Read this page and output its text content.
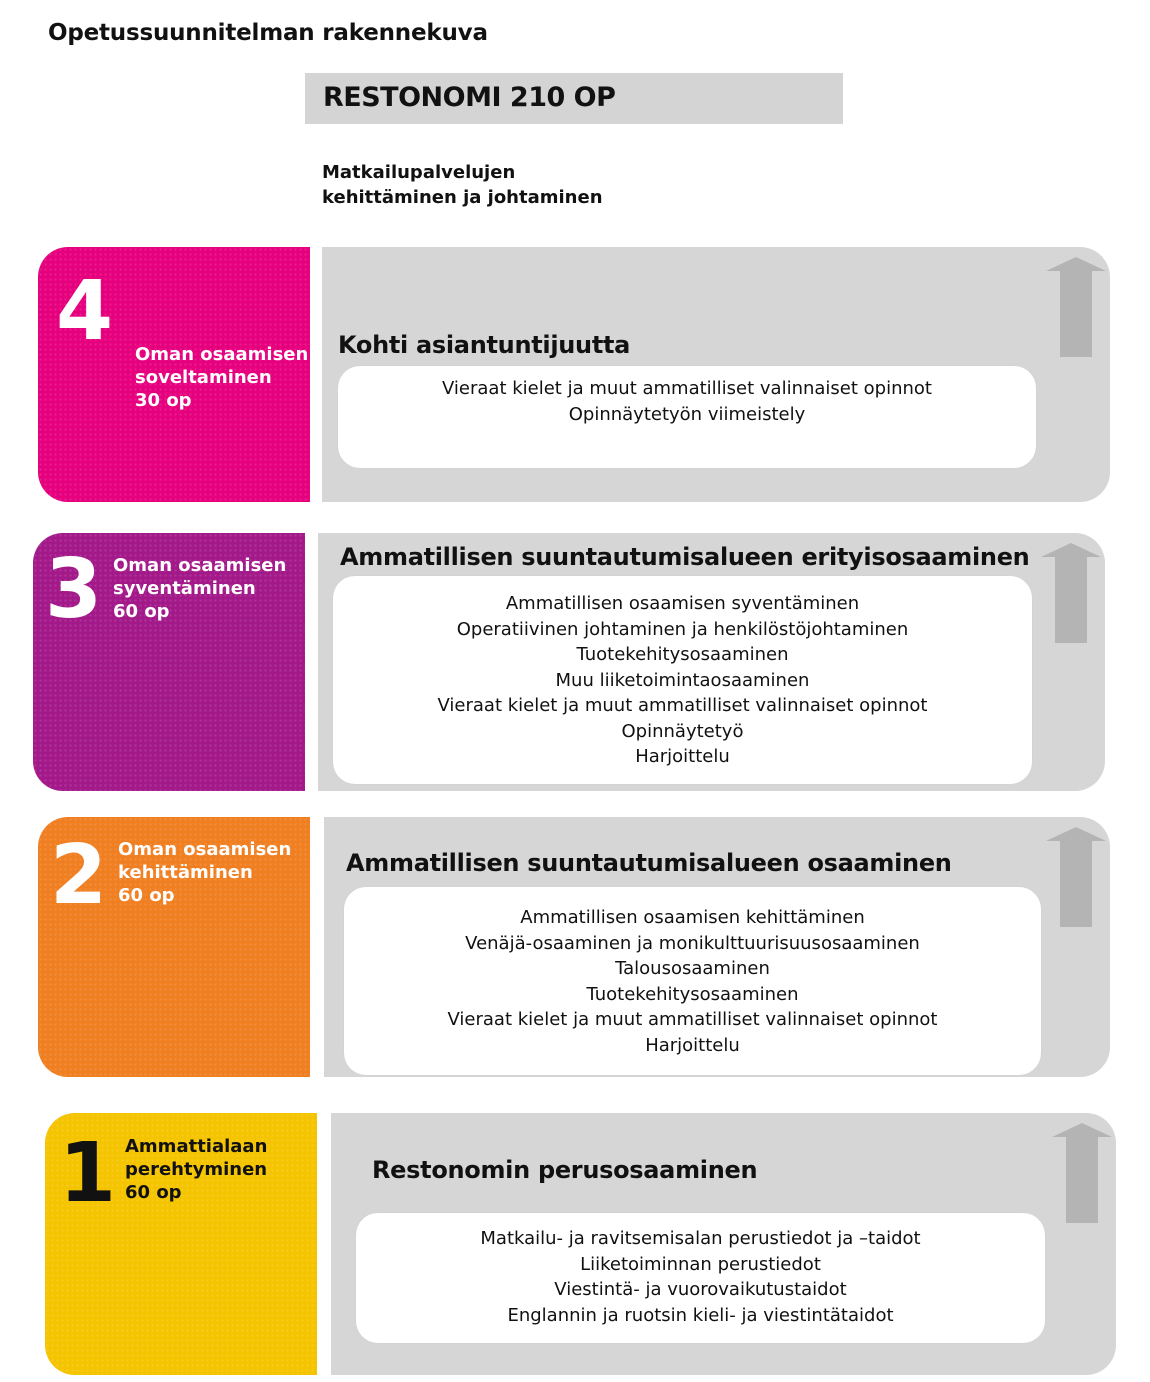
Opetussuunnitelman rakennekuva
RESTONOMI 210 OP
Matkailupalvelujen
kehittäminen ja johtaminen
4 Oman osaamisen
soveltaminen
30 op
Kohti asiantuntijuutta
Vieraat kielet ja muut ammatilliset valinnaiset opinnot
Opinnäytetyön viimeistely
3 Oman osaamisen
syventäminen
60 op
Ammatillisen suuntautumisalueen erityisosaaminen
Ammatillisen osaamisen syventäminen
Operatiivinen johtaminen ja henkilöstöjohtaminen
Tuotekehitysosaaminen
Muu liiketoimintaosaaminen
Vieraat kielet ja muut ammatilliset valinnaiset opinnot
Opinnäytetyö
Harjoittelu
2 Oman osaamisen
kehittäminen
60 op
Ammatillisen suuntautumisalueen osaaminen
Ammatillisen osaamisen kehittäminen
Venäjä-osaaminen ja monikulttuurisuusosaaminen
Talousosaaminen
Tuotekehitysosaaminen
Vieraat kielet ja muut ammatilliset valinnaiset opinnot
Harjoittelu
1 Ammattialaan
perehtyminen
60 op
Restonomin perusosaaminen
Matkailu- ja ravitsemisalan perustiedot ja –taidot
Liiketoiminnan perustiedot
Viestintä- ja vuorovaikutustaidot
Englannin ja ruotsin kieli- ja viestintätaidot
